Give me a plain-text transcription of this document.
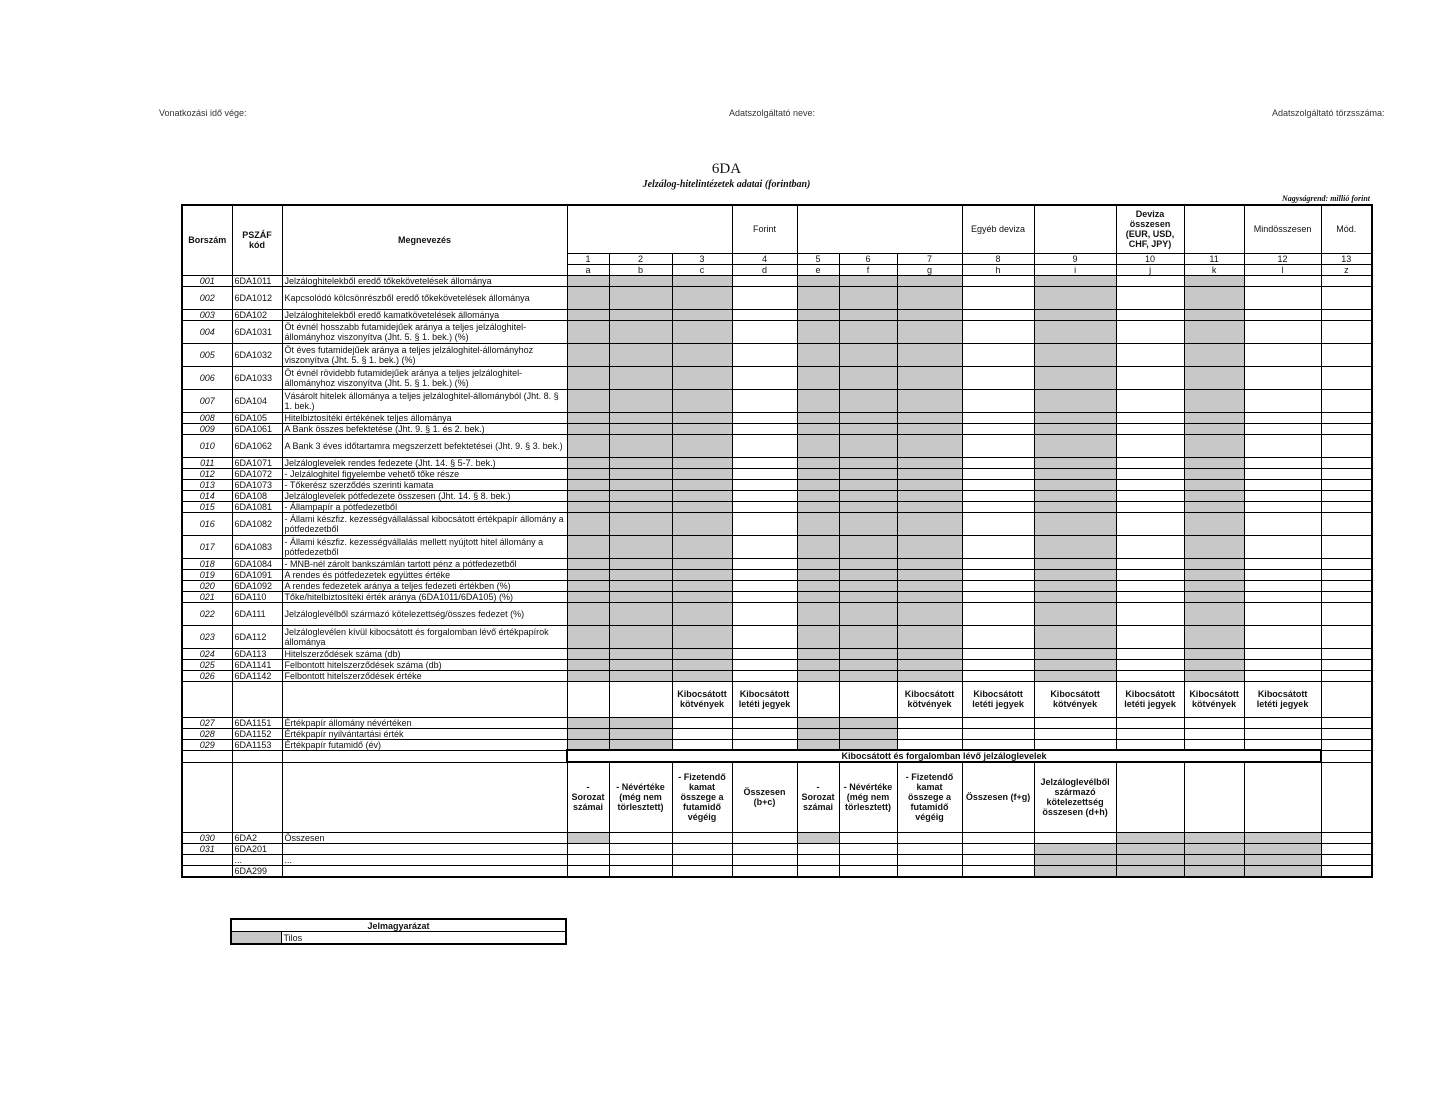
Vonatkozási idő vége:	Adatszolgáltató neve:	Adatszolgáltató törzsszáma:
6DA
Jelzálog-hitelintézetek adatai (forintban)
Nagyságrend: millió forint
Borszám	PSZÁF kód	Megnevezés				Forint				Egyéb deviza		Deviza összesen (EUR, USD, CHF, JPY)		Mindösszesen	Mód.
			1	2	3	4	5	6	7	8	9	10	11	12	13
			a	b	c	d	e	f	g	h	i	j	k	l	z
001	6DA1011	Jelzáloghitelekből eredő tőkekövetelések állománya													
002	6DA1012	Kapcsolódó kölcsönrészből eredő tőkekövetelések állománya													
003	6DA102	Jelzáloghitelekből eredő kamatkövetelések állománya													
004	6DA1031	Öt évnél hosszabb futamidejűek aránya a teljes jelzáloghitel-állományhoz viszonyítva (Jht. 5. § 1. bek.) (%)													
005	6DA1032	Öt éves futamidejűek aránya a teljes jelzáloghitel-állományhoz viszonyítva (Jht. 5. § 1. bek.) (%)													
006	6DA1033	Öt évnél rövidebb futamidejűek aránya a teljes jelzáloghitel-állományhoz viszonyítva (Jht. 5. § 1. bek.) (%)													
007	6DA104	Vásárolt hitelek állománya a teljes jelzáloghitel-állományból (Jht. 8. § 1. bek.)													
008	6DA105	Hitelbiztosítéki értékének teljes állománya													
009	6DA1061	A Bank összes befektetése (Jht. 9. § 1. és 2. bek.)													
010	6DA1062	A Bank 3 éves időtartamra megszerzett befektetései (Jht. 9. § 3. bek.)													
011	6DA1071	Jelzáloglevelek rendes fedezete (Jht. 14. § 5-7. bek.)													
012	6DA1072	- Jelzáloghitel figyelembe vehető tőke része													
013	6DA1073	- Tőkerész szerződés szerinti kamata													
014	6DA108	Jelzáloglevelek pótfedezete összesen (Jht. 14. § 8. bek.)													
015	6DA1081	- Állampapír a pótfedezetből													
016	6DA1082	- Állami készfiz. kezességvállalással kibocsátott értékpapír állomány a pótfedezetből													
017	6DA1083	- Állami készfiz. kezességvállalás mellett nyújtott hitel állomány a pótfedezetből													
018	6DA1084	- MNB-nél zárolt bankszámlán tartott pénz a pótfedezetből													
019	6DA1091	A rendes és pótfedezetek együttes értéke													
020	6DA1092	A rendes fedezetek aránya a teljes fedezeti értékben (%)													
021	6DA110	Tőke/hitelbiztosítéki érték aránya (6DA1011/6DA105) (%)													
022	6DA111	Jelzáloglevélből származó kötelezettség/összes fedezet (%)													
023	6DA112	Jelzáloglevélen kívül kibocsátott és forgalomban lévő értékpapírok állománya													
024	6DA113	Hitelszerződések száma (db)													
025	6DA1141	Felbontott hitelszerződések száma (db)													
026	6DA1142	Felbontott hitelszerződések értéke													
					Kibocsátott kötvények	Kibocsátott letéti jegyek			Kibocsátott kötvények	Kibocsátott letéti jegyek	Kibocsátott kötvények	Kibocsátott letéti jegyek	Kibocsátott kötvények	Kibocsátott letéti jegyek	
027	6DA1151	Értékpapír állomány névértéken													
028	6DA1152	Értékpapír nyilvántartási érték													
029	6DA1153	Értékpapír futamidő (év)													
			Kibocsátott és forgalomban lévő jelzáloglevelek												
			- Sorozat számai	- Névértéke (még nem törlesztett)	- Fizetendő kamat összege a futamidő végéig	Összesen (b+c)	- Sorozat számai	- Névértéke (még nem törlesztett)	- Fizetendő kamat összege a futamidő végéig	Összesen (f+g)	Jelzáloglevélből származó kötelezettség összesen (d+h)				
030	6DA2	Összesen													
031	6DA201														
	...	...													
	6DA299														
Jelmagyarázat
	Tilos
